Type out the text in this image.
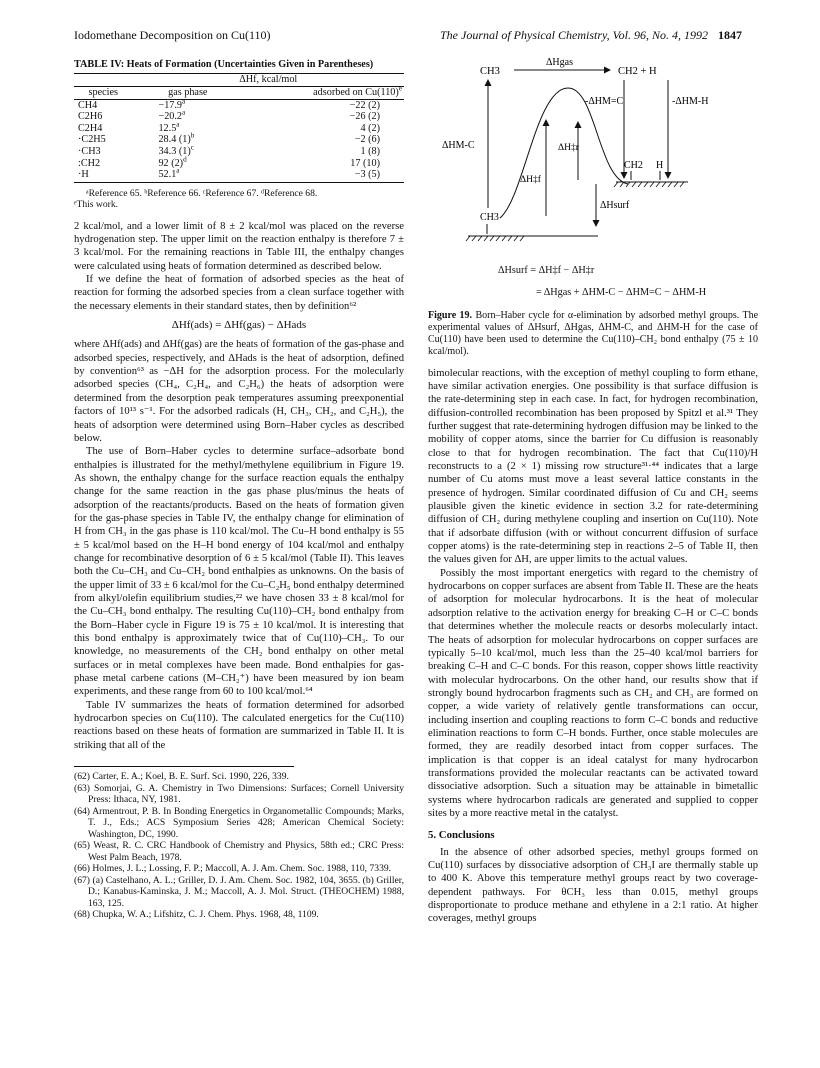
Iodomethane Decomposition on Cu(110)	The Journal of Physical Chemistry, Vol. 96, No. 4, 1992 1847
TABLE IV: Heats of Formation (Uncertainties Given in Parentheses)
	ΔHf, kcal/mol	
species	gas phase	adsorbed on $Cu(110)^e$
CH4	−17.9$^a$	−22 (2)
C2H6	−20.2$^a$	−26 (2)
C2H4	12.5$^a$	4 (2)
·C2H5	28.4 $(1)^b$	−2 (6)
·CH3	34.3 $(1)^c$	1 (8)
:CH2	92 $(2)^d$	17 (10)
·H	52.1$^a$	−3 (5)
ᵃReference 65. ᵇReference 66. ᶜReference 67. ᵈReference 68.
ᵉThis work.

2 kcal/mol, and a lower limit of 8 ± 2 kcal/mol was placed on the reverse hydrogenation step. The upper limit on the reaction enthalpy is therefore 7 ± 3 kcal/mol. For the remaining reactions in Table III, the enthalpy changes were calculated using heats of formation determined as described below.

If we define the heat of formation of adsorbed species as the heat of reaction for forming the adsorbed species from a clean surface together with the necessary elements in their standard states, then by definition⁶²

ΔHf(ads) = ΔHf(gas) − ΔHads

where ΔHf(ads) and ΔHf(gas) are the heats of formation of the gas-phase and adsorbed species, respectively, and ΔHads is the heat of adsorption, defined by convention⁶³ as −ΔH for the adsorption process. For the molecularly adsorbed species (CH₄, C₂H₄, and C₂H₆) the heats of adsorption were determined from the desorption peak temperatures assuming preexponential factors of 10¹³ s⁻¹. For the adsorbed radicals (H, CH₃, CH₂, and C₂H₅), the heats of adsorption were determined using Born–Haber cycles as described below.

The use of Born–Haber cycles to determine surface–adsorbate bond enthalpies is illustrated for the methyl/methylene equilibrium in Figure 19. As shown, the enthalpy change for the surface reaction equals the enthalpy change for the same reaction in the gas phase plus/minus the heats of adsorption of the reactants/products. Based on the heats of formation given for the gas-phase species in Table IV, the enthalpy change for elimination of H from CH₃ in the gas phase is 110 kcal/mol. The Cu–H bond enthalpy is 55 ± 5 kcal/mol based on the H–H bond energy of 104 kcal/mol and enthalpy change for recombinative desorption of 6 ± 5 kcal/mol (Table II). This leaves both the Cu–CH₃ and Cu–CH₂ bond enthalpies as unknowns. On the basis of the upper limit of 33 ± 6 kcal/mol for the Cu–C₂H₅ bond enthalpy determined from alkyl/olefin equilibrium studies,²² we have chosen 33 ± 8 kcal/mol for the Cu–CH₃ bond enthalpy. The resulting Cu(110)–CH₂ bond enthalpy from the Born–Haber cycle in Figure 19 is 75 ± 10 kcal/mol. It is interesting that this bond enthalpy is approximately twice that of Cu(110)–CH₃. To our knowledge, no measurements of the CH₂ bond enthalpy on other metal surfaces or in metal complexes have been made. Bond enthalpies for gas-phase metal carbene cations (M–CH₂⁺) have been measured by ion beam experiments, and these range from 60 to 100 kcal/mol.⁶⁴

Table IV summarizes the heats of formation determined for adsorbed hydrocarbon species on Cu(110). The calculated energetics for the Cu(110) reactions based on these heats of formation are summarized in Table II. It is striking that all of the

(62) Carter, E. A.; Koel, B. E. Surf. Sci. 1990, 226, 339.
(63) Somorjai, G. A. Chemistry in Two Dimensions: Surfaces; Cornell University Press: Ithaca, NY, 1981.
(64) Armentrout, P. B. In Bonding Energetics in Organometallic Compounds; Marks, T. J., Eds.; ACS Symposium Series 428; American Chemical Society: Washington, DC, 1990.
(65) Weast, R. C. CRC Handbook of Chemistry and Physics, 58th ed.; CRC Press: West Palm Beach, 1978.
(66) Holmes, J. L.; Lossing, F. P.; Maccoll, A. J. Am. Chem. Soc. 1988, 110, 7339.
(67) (a) Castelhano, A. L.; Griller, D. J. Am. Chem. Soc. 1982, 104, 3655. (b) Griller, D.; Kanabus-Kaminska, J. M.; Maccoll, A. J. Mol. Struct. (THEOCHEM) 1988, 163, 125.
(68) Chupka, W. A.; Lifshitz, C. J. Chem. Phys. 1968, 48, 1109.
ΔHgas
CH3	CH2 + H
ΔHM-C
-ΔHM=C	-ΔHM-H
ΔH‡f
ΔH‡r
CH2 H
ΔHsurf
CH3
ΔHsurf = ΔH‡f − ΔH‡r
= ΔHgas + ΔHM-C − ΔHM=C − ΔHM-H
Figure 19. Born–Haber cycle for α-elimination by adsorbed methyl groups. The experimental values of ΔHsurf, ΔHgas, ΔHM-C, and ΔHM-H for the case of Cu(110) have been used to determine the Cu(110)–CH₂ bond enthalpy (75 ± 10 kcal/mol).

bimolecular reactions, with the exception of methyl coupling to form ethane, have similar activation energies. One possibility is that surface diffusion is the rate-determining step in each case. In fact, for hydrogen recombination, diffusion-controlled recombination has been proposed by Spitzl et al.³¹ They further suggest that rate-determining hydrogen diffusion may be linked to the mobility of copper atoms, since the barrier for Cu diffusion is reasonably close to that for hydrogen recombination. The fact that Cu(110)/H reconstructs to a (2 × 1) missing row structure³¹·⁴⁴ indicates that a large number of Cu atoms must move a least several lattice constants in the presence of hydrogen. Similar coordinated diffusion of Cu and CH₂ seems plausible given the kinetic evidence in section 3.2 for rate-determining diffusion of CH₂ during methylene coupling and insertion on Cu(110). Note that if adsorbate diffusion (with or without concurrent diffusion of surface copper atoms) is the rate-determining step in reactions 2–5 of Table II, then the values given for ΔH, are upper limits to the actual values.

Possibly the most important energetics with regard to the chemistry of hydrocarbons on copper surfaces are absent from Table II. These are the heats of adsorption for molecular hydrocarbons. It is the heat of molecular adsorption relative to the activation energy for breaking C–H or C–C bonds that determines whether the molecule reacts or desorbs molecularly intact. The heats of adsorption for molecular hydrocarbons on copper surfaces are typically 5–10 kcal/mol, much less than the 25–40 kcal/mol barriers for breaking C–H and C–C bonds. For this reason, copper shows little reactivity with molecular hydrocarbons. On the other hand, our results show that if strongly bound hydrocarbon fragments such as CH₂ and CH₃ are formed on copper, a wide variety of relatively gentle transformations can occur, including insertion and coupling reactions to form C–C bonds and reductive elimination reactions to form C–H bonds. Further, once stable molecules are formed, they are readily desorbed intact from copper surfaces. The implication is that copper is an ideal catalyst for many hydrocarbon transformations provided the molecular reactants can be activated toward dissociative adsorption. Such a situation may be attainable in bimetallic systems where hydrocarbon radicals are generated and supplied to copper sites by a more reactive metal in the catalyst.

5. Conclusions

In the absence of other adsorbed species, methyl groups formed on Cu(110) surfaces by dissociative adsorption of CH₃I are thermally stable up to 400 K. Above this temperature methyl groups react by two coverage-dependent pathways. For θCH₃ less than 0.015, methyl groups disproportionate to produce methane and ethylene in a 2:1 ratio. At higher coverages, methyl groups
